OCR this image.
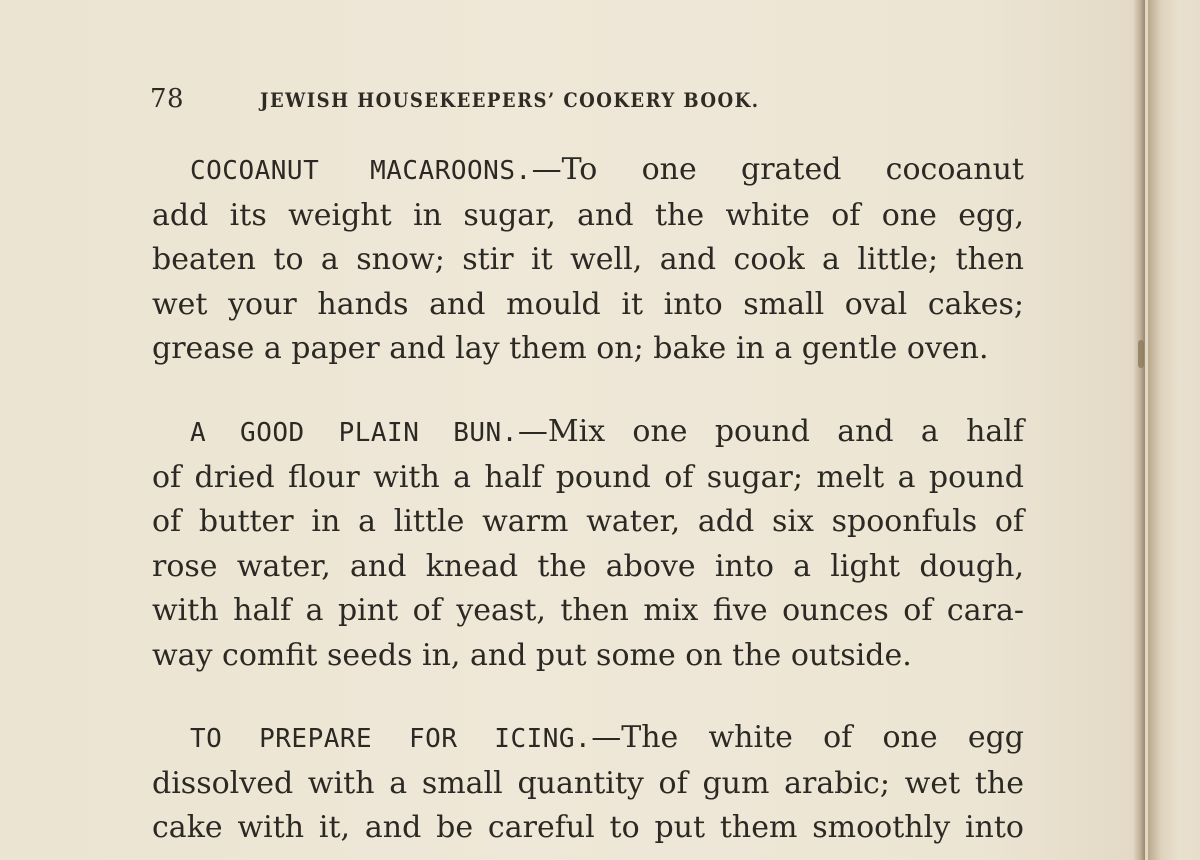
78	JEWISH HOUSEKEEPERS’ COOKERY BOOK.
COCOANUT MACAROONS.—To one grated cocoanut
add its weight in sugar, and the white of one egg,
beaten to a snow; stir it well, and cook a little; then
wet your hands and mould it into small oval cakes;
grease a paper and lay them on; bake in a gentle oven.
A GOOD PLAIN BUN.—Mix one pound and a half
of dried flour with a half pound of sugar; melt a pound
of butter in a little warm water, add six spoonfuls of
rose water, and knead the above into a light dough,
with half a pint of yeast, then mix five ounces of cara-
way comfit seeds in, and put some on the outside.
TO PREPARE FOR ICING.—The white of one egg
dissolved with a small quantity of gum arabic; wet the
cake with it, and be careful to put them smoothly into
